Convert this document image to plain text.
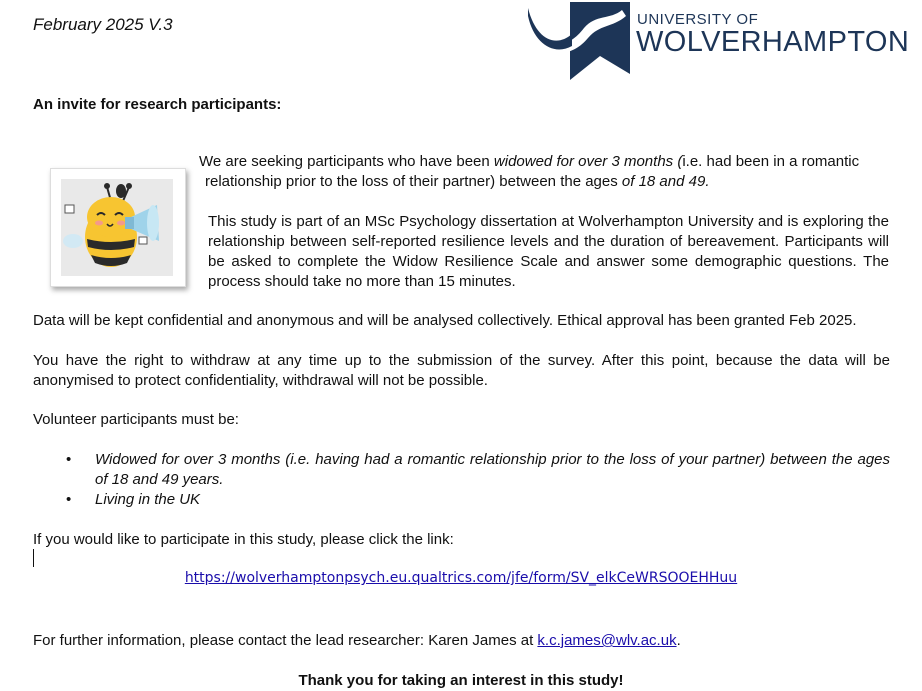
February 2025 V.3	UNIVERSITY OF
WOLVERHAMPTON
An invite for research participants:

We are seeking participants who have been widowed for over 3 months (i.e. had been in a romantic

relationship prior to the loss of their partner) between the ages of 18 and 49.

This study is part of an MSc Psychology dissertation at Wolverhampton University and is exploring the relationship between self-reported resilience levels and the duration of bereavement. Participants will be asked to complete the Widow Resilience Scale and answer some demographic questions. The process should take no more than 15 minutes.

Data will be kept confidential and anonymous and will be analysed collectively. Ethical approval has been granted Feb 2025.

You have the right to withdraw at any time up to the submission of the survey. After this point, because the data will be anonymised to protect confidentiality, withdrawal will not be possible.

Volunteer participants must be:

• Widowed for over 3 months (i.e. having had a romantic relationship prior to the loss of your partner) between the ages of 18 and 49 years.
• Living in the UK

If you would like to participate in this study, please click the link:

https://wolverhamptonpsych.eu.qualtrics.com/jfe/form/SV_elkCeWRSOOEHHuu

For further information, please contact the lead researcher: Karen James at k.c.james@wlv.ac.uk.

Thank you for taking an interest in this study!
